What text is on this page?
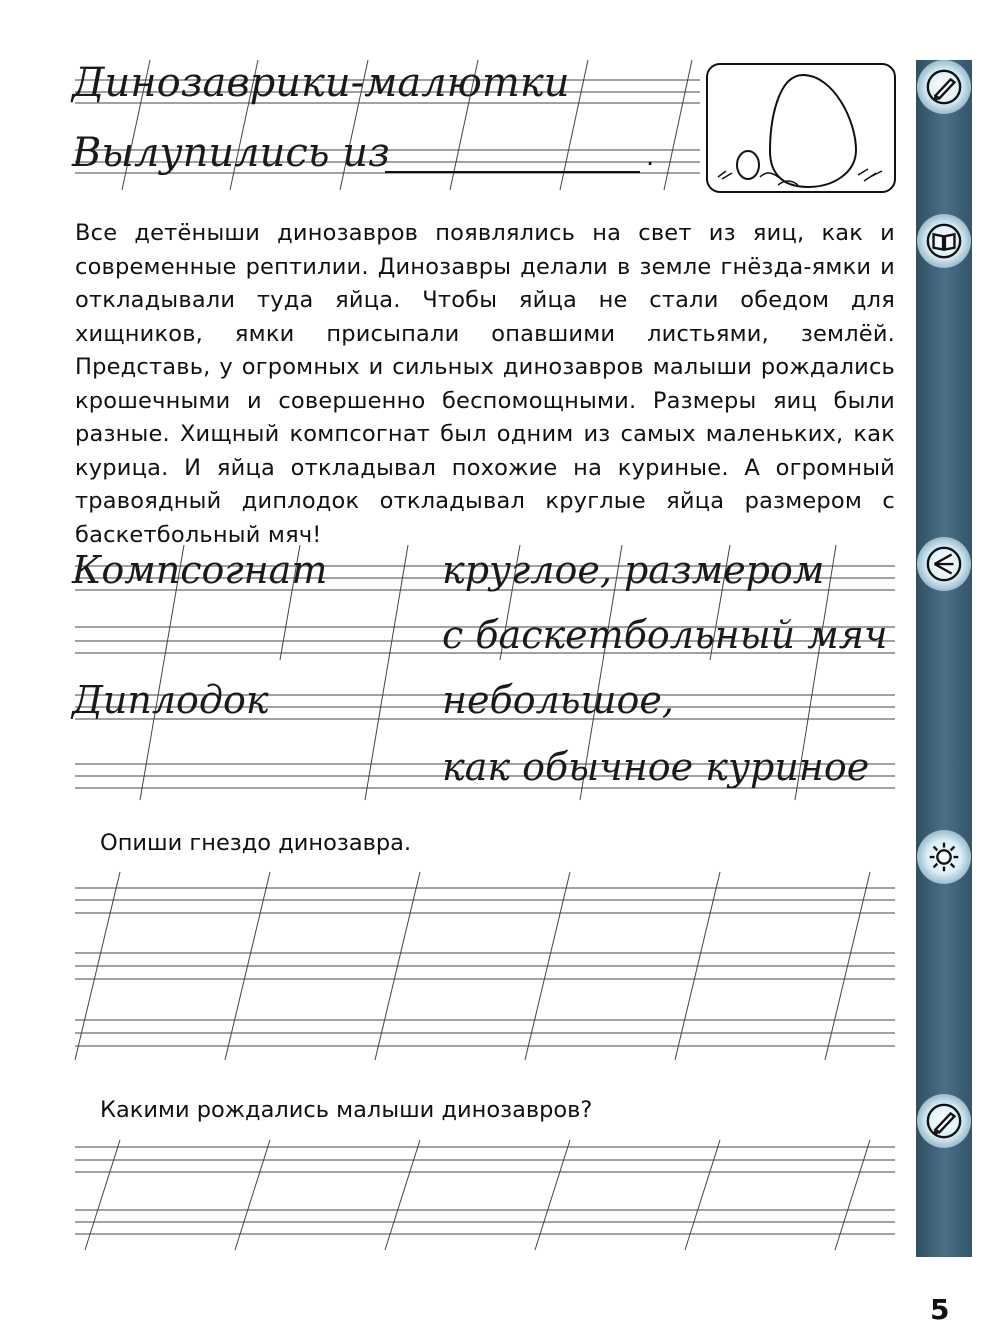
Динозаврики-малютки
Вылупились из	.
Все детёныши динозавров появлялись на свет из яиц, как и современные рептилии. Динозавры делали в земле гнёзда-ямки и откладывали туда яйца. Чтобы яйца не стали обедом для хищников, ямки присыпали опавшими листьями, землёй. Представь, у огромных и сильных динозавров малыши рождались крошечными и совершенно беспомощными. Размеры яиц были разные. Хищный компсогнат был одним из самых маленьких, как курица. И яйца откладывал похожие на куриные. А огромный травоядный диплодок откладывал круглые яйца размером с баскетбольный мяч!
Компсогнат
Диплодок
круглое, размером
с баскетбольный мяч
небольшое,
как обычное куриное
Опиши гнездо динозавра.
Какими рождались малыши динозавров?
5
